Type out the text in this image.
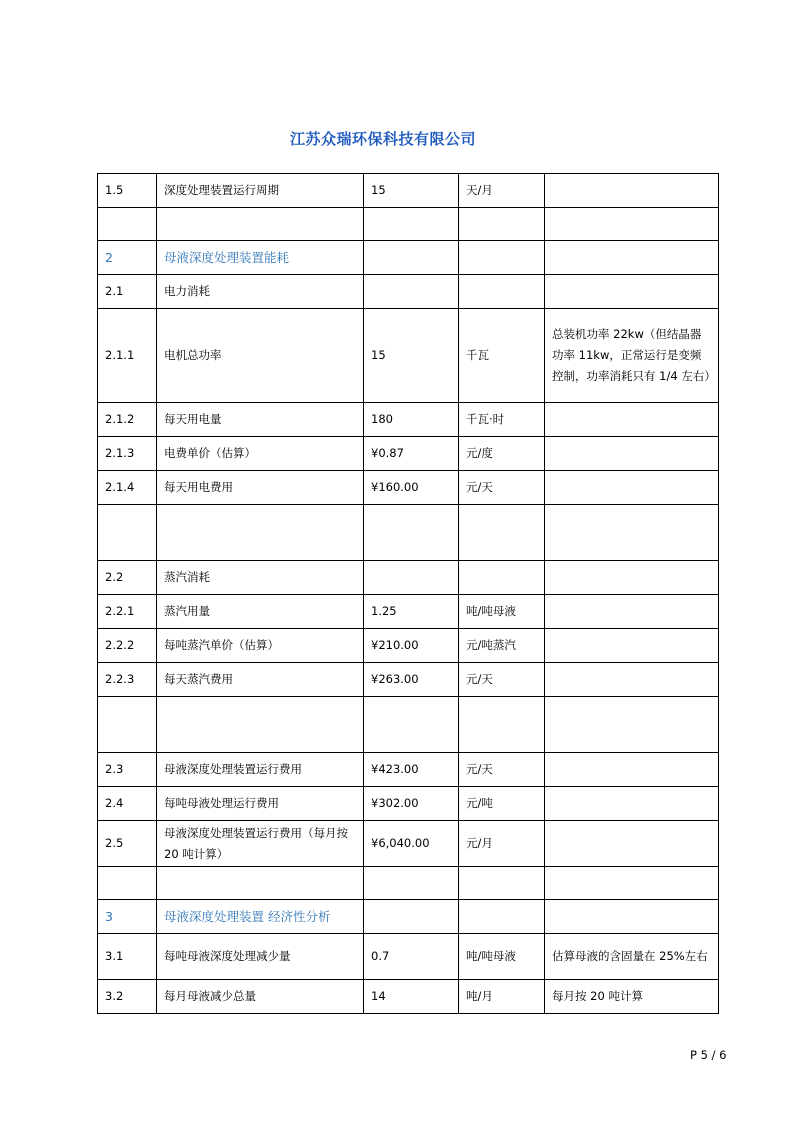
江苏众瑞环保科技有限公司
1.5	深度处理装置运行周期	15	天/月	

2	母液深度处理装置能耗			
2.1	电力消耗			
2.1.1	电机总功率	15	千瓦	总装机功率 22kw（但结晶器功率 11kw，正常运行是变频控制，功率消耗只有 1/4 左右）
2.1.2	每天用电量	180	千瓦·时	
2.1.3	电费单价（估算）	¥0.87	元/度	
2.1.4	每天用电费用	¥160.00	元/天	

2.2	蒸汽消耗			
2.2.1	蒸汽用量	1.25	吨/吨母液	
2.2.2	每吨蒸汽单价（估算）	¥210.00	元/吨蒸汽	
2.2.3	每天蒸汽费用	¥263.00	元/天	

2.3	母液深度处理装置运行费用	¥423.00	元/天	
2.4	每吨母液处理运行费用	¥302.00	元/吨	
2.5	母液深度处理装置运行费用（每月按 20 吨计算）	¥6,040.00	元/月	

3	母液深度处理装置 经济性分析			
3.1	每吨母液深度处理减少量	0.7	吨/吨母液	估算母液的含固量在 25%左右
3.2	每月母液减少总量	14	吨/月	每月按 20 吨计算
P 5 / 6
